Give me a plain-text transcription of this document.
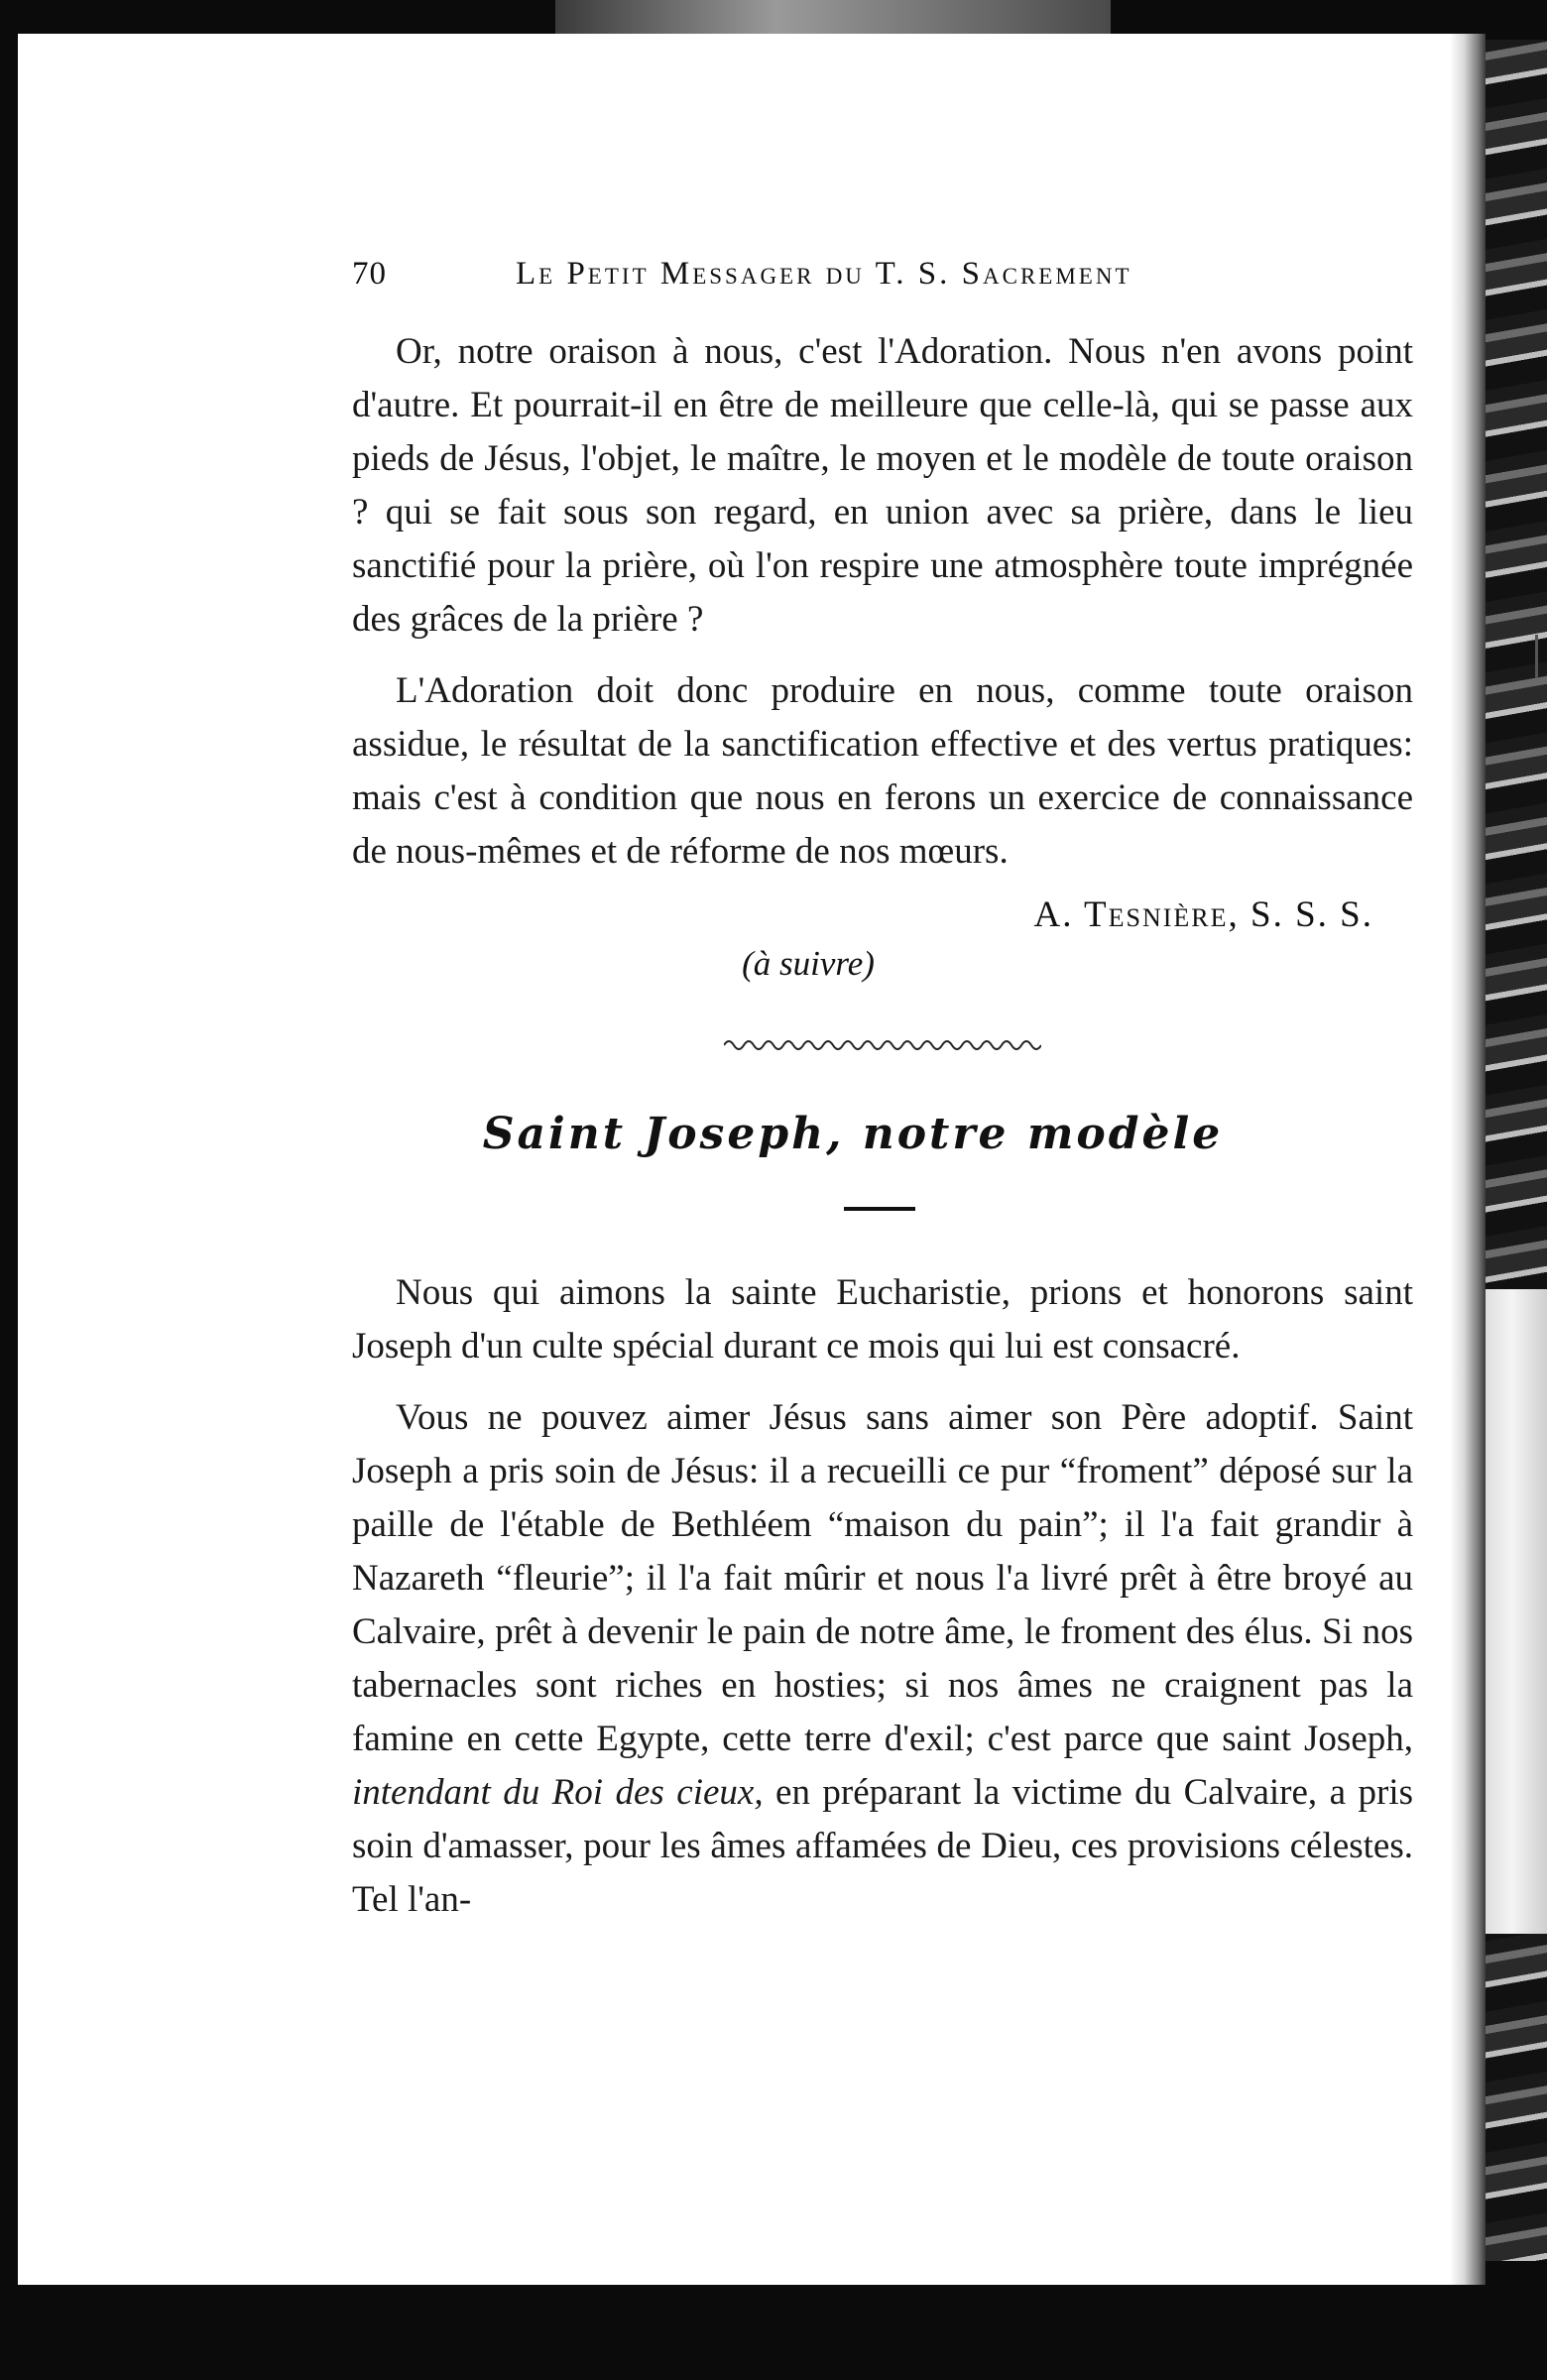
70	Le Petit Messager du T. S. Sacrement

Or, notre oraison à nous, c'est l'Adoration. Nous n'en avons point d'autre. Et pourrait-il en être de meilleure que celle-là, qui se passe aux pieds de Jésus, l'objet, le maître, le moyen et le modèle de toute oraison ? qui se fait sous son regard, en union avec sa prière, dans le lieu sanctifié pour la prière, où l'on respire une atmosphère toute imprégnée des grâces de la prière ?

L'Adoration doit donc produire en nous, comme toute oraison assidue, le résultat de la sanctification effective et des vertus pratiques: mais c'est à condition que nous en ferons un exercice de connaissance de nous-mêmes et de réforme de nos mœurs.

A. Tesnière, S. S. S.
(à suivre)
Saint Joseph, notre modèle

Nous qui aimons la sainte Eucharistie, prions et honorons saint Joseph d'un culte spécial durant ce mois qui lui est consacré.

Vous ne pouvez aimer Jésus sans aimer son Père adoptif. Saint Joseph a pris soin de Jésus: il a recueilli ce pur “froment” déposé sur la paille de l'étable de Bethléem “maison du pain”; il l'a fait grandir à Nazareth “fleurie”; il l'a fait mûrir et nous l'a livré prêt à être broyé au Calvaire, prêt à devenir le pain de notre âme, le froment des élus. Si nos tabernacles sont riches en hosties; si nos âmes ne craignent pas la famine en cette Egypte, cette terre d'exil; c'est parce que saint Joseph, intendant du Roi des cieux, en préparant la victime du Calvaire, a pris soin d'amasser, pour les âmes affamées de Dieu, ces provisions célestes. Tel l'an-
